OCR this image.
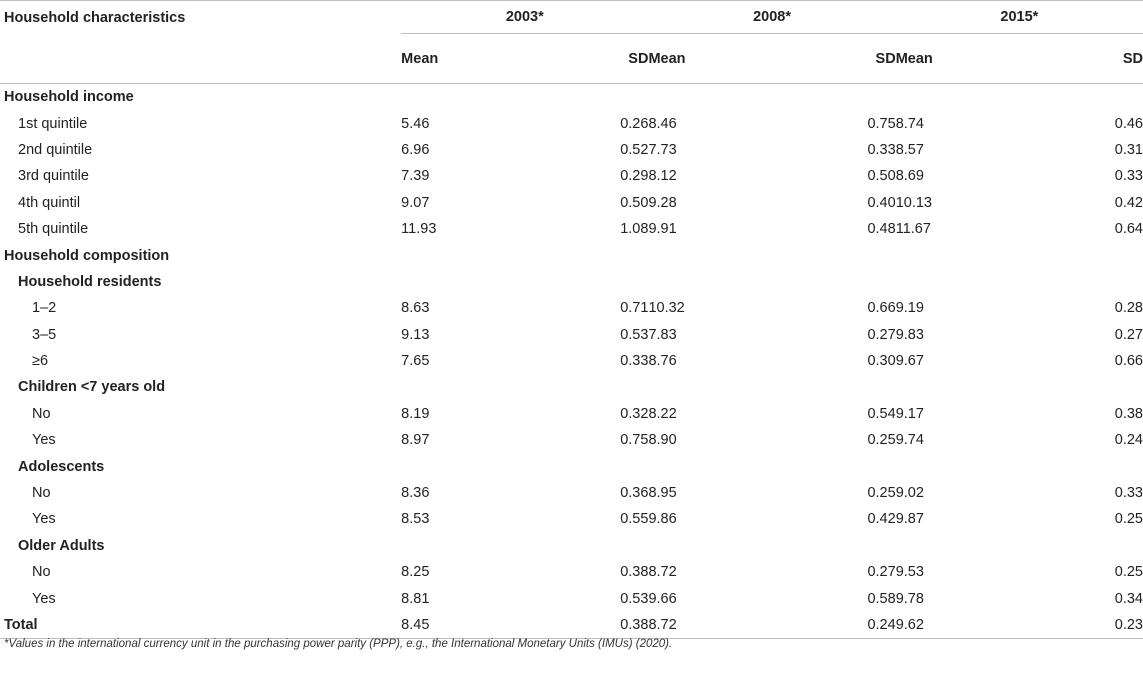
Household characteristics	2003*		2008*		2015*	

	Mean	SD	Mean	SD	Mean	SD
Household income						
1st quintile	5.46	0.26	8.46	0.75	8.74	0.46
2nd quintile	6.96	0.52	7.73	0.33	8.57	0.31
3rd quintile	7.39	0.29	8.12	0.50	8.69	0.33
4th quintil	9.07	0.50	9.28	0.40	10.13	0.42
5th quintile	11.93	1.08	9.91	0.48	11.67	0.64
Household composition						
Household residents						
1–2	8.63	0.71	10.32	0.66	9.19	0.28
3–5	9.13	0.53	7.83	0.27	9.83	0.27
≥6	7.65	0.33	8.76	0.30	9.67	0.66
Children <7 years old						
No	8.19	0.32	8.22	0.54	9.17	0.38
Yes	8.97	0.75	8.90	0.25	9.74	0.24
Adolescents						
No	8.36	0.36	8.95	0.25	9.02	0.33
Yes	8.53	0.55	9.86	0.42	9.87	0.25
Older Adults						
No	8.25	0.38	8.72	0.27	9.53	0.25
Yes	8.81	0.53	9.66	0.58	9.78	0.34
Total	8.45	0.38	8.72	0.24	9.62	0.23
*Values in the international currency unit in the purchasing power parity (PPP), e.g., the International Monetary Units (IMUs) (2020).
